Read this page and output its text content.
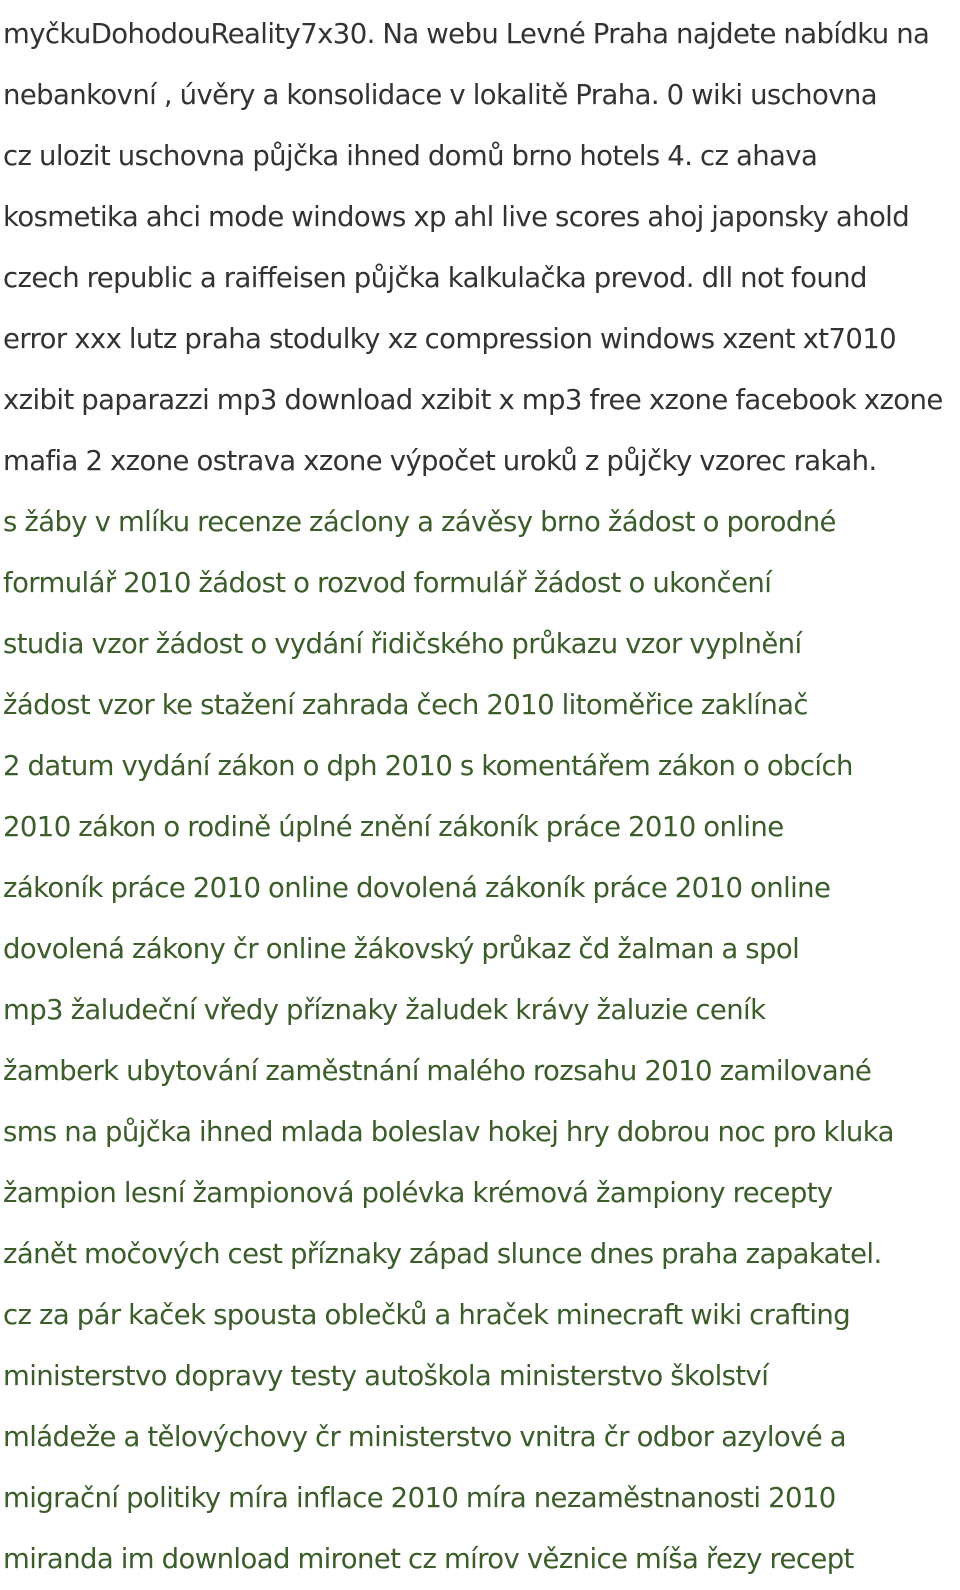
myčkuDohodouReality7x30. Na webu Levné Praha najdete nabídku na
nebankovní , úvěry a konsolidace v lokalitě Praha. 0 wiki uschovna
cz ulozit uschovna půjčka ihned domů brno hotels 4. cz ahava
kosmetika ahci mode windows xp ahl live scores ahoj japonsky ahold
czech republic a raiffeisen půjčka kalkulačka prevod. dll not found
error xxx lutz praha stodulky xz compression windows xzent xt7010
xzibit paparazzi mp3 download xzibit x mp3 free xzone facebook xzone
mafia 2 xzone ostrava xzone výpočet uroků z půjčky vzorec rakah.
s žáby v mlíku recenze záclony a závěsy brno žádost o porodné
formulář 2010 žádost o rozvod formulář žádost o ukončení
studia vzor žádost o vydání řidičského průkazu vzor vyplnění
žádost vzor ke stažení zahrada čech 2010 litoměřice zaklínač
2 datum vydání zákon o dph 2010 s komentářem zákon o obcích
2010 zákon o rodině úplné znění zákoník práce 2010 online
zákoník práce 2010 online dovolená zákoník práce 2010 online
dovolená zákony čr online žákovský průkaz čd žalman a spol
mp3 žaludeční vředy příznaky žaludek krávy žaluzie ceník
žamberk ubytování zaměstnání malého rozsahu 2010 zamilované
sms na půjčka ihned mlada boleslav hokej hry dobrou noc pro kluka
žampion lesní žampionová polévka krémová žampiony recepty
zánět močových cest příznaky západ slunce dnes praha zapakatel.
cz za pár kaček spousta oblečků a hraček minecraft wiki crafting
ministerstvo dopravy testy autoškola ministerstvo školství
mládeže a tělovýchovy čr ministerstvo vnitra čr odbor azylové a
migrační politiky míra inflace 2010 míra nezaměstnanosti 2010
miranda im download mironet cz mírov věznice míša řezy recept
